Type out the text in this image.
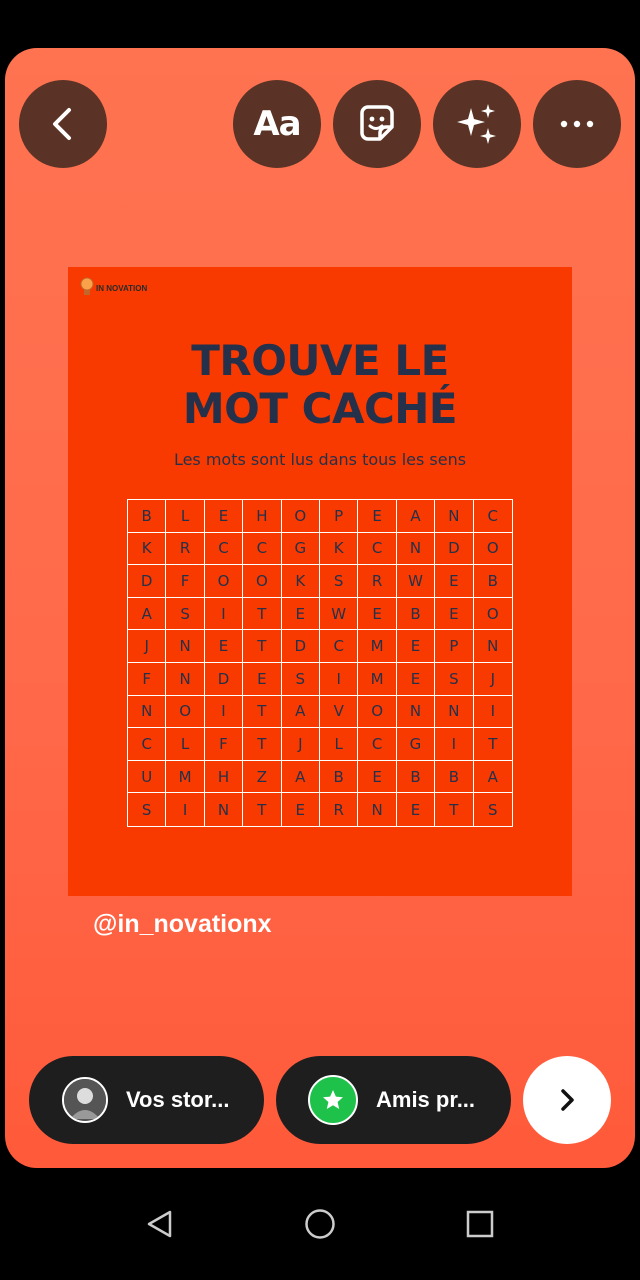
Aa
IN NOVATION
TROUVE LE
MOT CACHÉ
Les mots sont lus dans tous les sens
B	L	E	H	O	P	E	A	N	C
K	R	C	C	G	K	C	N	D	O
D	F	O	O	K	S	R	W	E	B
A	S	I	T	E	W	E	B	E	O
J	N	E	T	D	C	M	E	P	N
F	N	D	E	S	I	M	E	S	J
N	O	I	T	A	V	O	N	N	I
C	L	F	T	J	L	C	G	I	T
U	M	H	Z	A	B	E	B	B	A
S	I	N	T	E	R	N	E	T	S
@in_novationx
Vos stor...	Amis pr...
